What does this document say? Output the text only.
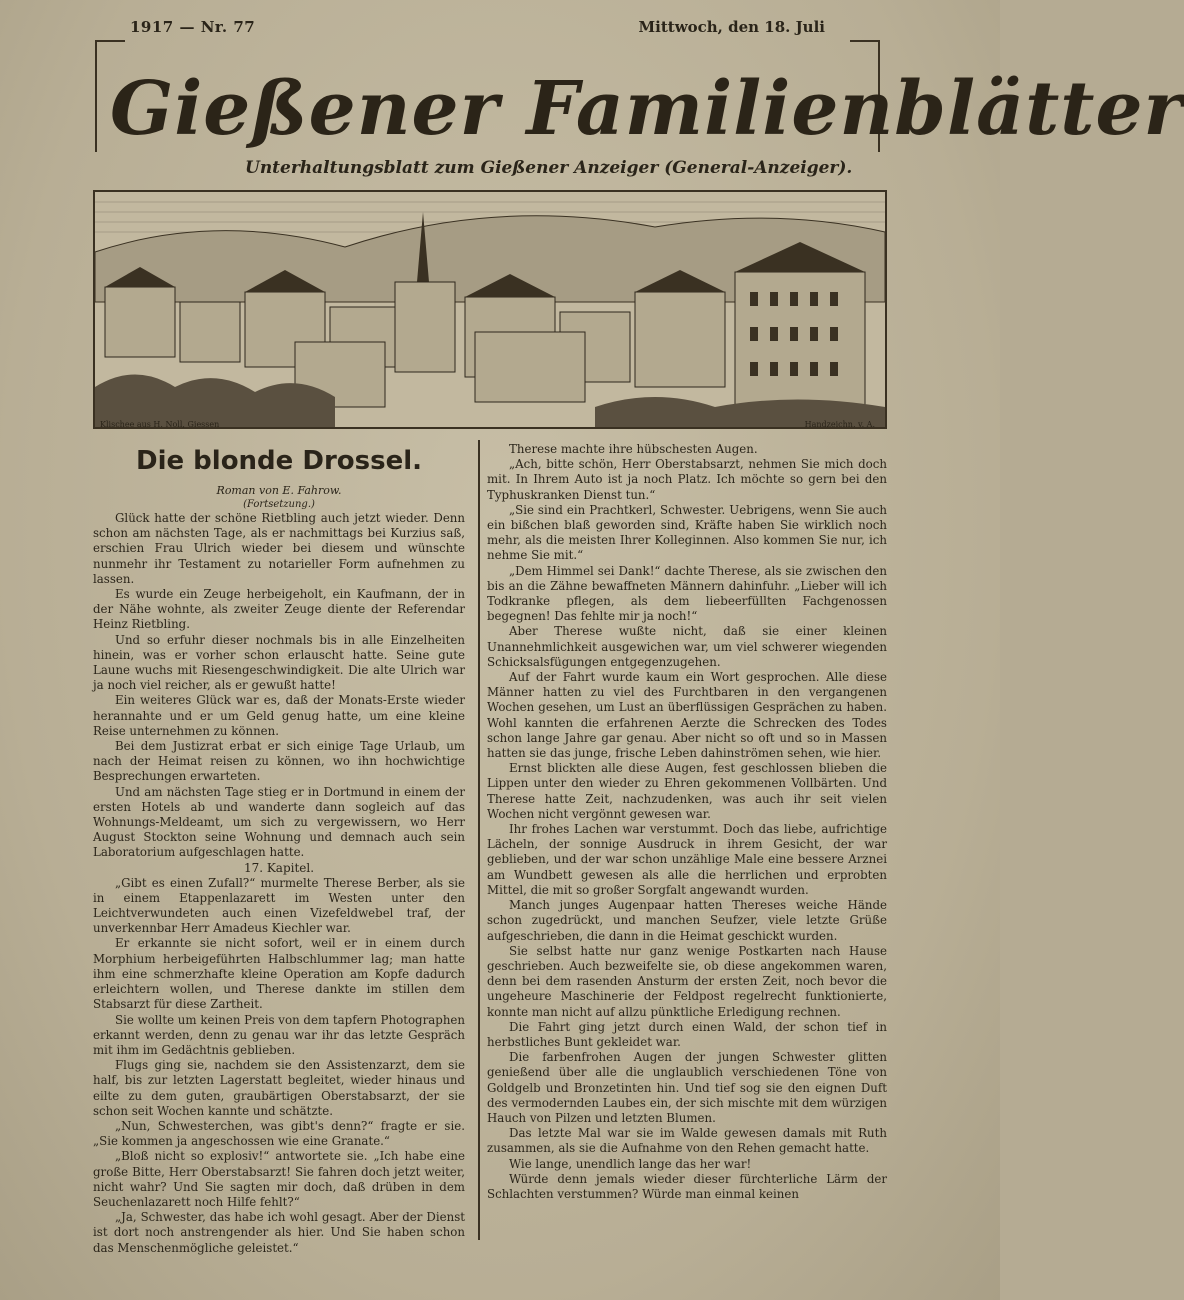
1917 — Nr. 77	Mittwoch, den 18. Juli
Gießener Familienblätter
Unterhaltungsblatt zum Gießener Anzeiger (General-Anzeiger).
Klischee aus H. Noll, Giessen	Handzeichn. v. A.
Die blonde Drossel.
Roman von E. Fahrow.
(Fortsetzung.)

Glück hatte der schöne Rietbling auch jetzt wieder. Denn schon am nächsten Tage, als er nachmittags bei Kurzius saß, erschien Frau Ulrich wieder bei diesem und wünschte nunmehr ihr Testament zu notarieller Form aufnehmen zu lassen.

Es wurde ein Zeuge herbeigeholt, ein Kaufmann, der in der Nähe wohnte, als zweiter Zeuge diente der Referendar Heinz Rietbling.

Und so erfuhr dieser nochmals bis in alle Einzelheiten hinein, was er vorher schon erlauscht hatte. Seine gute Laune wuchs mit Riesengeschwindigkeit. Die alte Ulrich war ja noch viel reicher, als er gewußt hatte!

Ein weiteres Glück war es, daß der Monats-Erste wieder herannahte und er um Geld genug hatte, um eine kleine Reise unternehmen zu können.

Bei dem Justizrat erbat er sich einige Tage Urlaub, um nach der Heimat reisen zu können, wo ihn hochwichtige Besprechungen erwarteten.

Und am nächsten Tage stieg er in Dortmund in einem der ersten Hotels ab und wanderte dann sogleich auf das Wohnungs-Meldeamt, um sich zu vergewissern, wo Herr August Stockton seine Wohnung und demnach auch sein Laboratorium aufgeschlagen hatte.

17. Kapitel.

„Gibt es einen Zufall?“ murmelte Therese Berber, als sie in einem Etappenlazarett im Westen unter den Leichtverwundeten auch einen Vizefeldwebel traf, der unverkennbar Herr Amadeus Kiechler war.

Er erkannte sie nicht sofort, weil er in einem durch Morphium herbeigeführten Halbschlummer lag; man hatte ihm eine schmerzhafte kleine Operation am Kopfe dadurch erleichtern wollen, und Therese dankte im stillen dem Stabsarzt für diese Zartheit.

Sie wollte um keinen Preis von dem tapfern Photographen erkannt werden, denn zu genau war ihr das letzte Gespräch mit ihm im Gedächtnis geblieben.

Flugs ging sie, nachdem sie den Assistenzarzt, dem sie half, bis zur letzten Lagerstatt begleitet, wieder hinaus und eilte zu dem guten, graubärtigen Oberstabsarzt, der sie schon seit Wochen kannte und schätzte.

„Nun, Schwesterchen, was gibt's denn?“ fragte er sie. „Sie kommen ja angeschossen wie eine Granate.“

„Bloß nicht so explosiv!“ antwortete sie. „Ich habe eine große Bitte, Herr Oberstabsarzt! Sie fahren doch jetzt weiter, nicht wahr? Und Sie sagten mir doch, daß drüben in dem Seuchenlazarett noch Hilfe fehlt?“

„Ja, Schwester, das habe ich wohl gesagt. Aber der Dienst ist dort noch anstrengender als hier. Und Sie haben schon das Menschenmögliche geleistet.“

Therese machte ihre hübschesten Augen.

„Ach, bitte schön, Herr Oberstabsarzt, nehmen Sie mich doch mit. In Ihrem Auto ist ja noch Platz. Ich möchte so gern bei den Typhuskranken Dienst tun.“

„Sie sind ein Prachtkerl, Schwester. Uebrigens, wenn Sie auch ein bißchen blaß geworden sind, Kräfte haben Sie wirklich noch mehr, als die meisten Ihrer Kolleginnen. Also kommen Sie nur, ich nehme Sie mit.“

„Dem Himmel sei Dank!“ dachte Therese, als sie zwischen den bis an die Zähne bewaffneten Männern dahinfuhr. „Lieber will ich Todkranke pflegen, als dem liebeerfüllten Fachgenossen begegnen! Das fehlte mir ja noch!“

Aber Therese wußte nicht, daß sie einer kleinen Unannehmlichkeit ausgewichen war, um viel schwerer wiegenden Schicksalsfügungen entgegenzugehen.

Auf der Fahrt wurde kaum ein Wort gesprochen. Alle diese Männer hatten zu viel des Furchtbaren in den vergangenen Wochen gesehen, um Lust an überflüssigen Gesprächen zu haben. Wohl kannten die erfahrenen Aerzte die Schrecken des Todes schon lange Jahre gar genau. Aber nicht so oft und so in Massen hatten sie das junge, frische Leben dahinströmen sehen, wie hier.

Ernst blickten alle diese Augen, fest geschlossen blieben die Lippen unter den wieder zu Ehren gekommenen Vollbärten. Und Therese hatte Zeit, nachzudenken, was auch ihr seit vielen Wochen nicht vergönnt gewesen war.

Ihr frohes Lachen war verstummt. Doch das liebe, aufrichtige Lächeln, der sonnige Ausdruck in ihrem Gesicht, der war geblieben, und der war schon unzählige Male eine bessere Arznei am Wundbett gewesen als alle die herrlichen und erprobten Mittel, die mit so großer Sorgfalt angewandt wurden.

Manch junges Augenpaar hatten Thereses weiche Hände schon zugedrückt, und manchen Seufzer, viele letzte Grüße aufgeschrieben, die dann in die Heimat geschickt wurden.

Sie selbst hatte nur ganz wenige Postkarten nach Hause geschrieben. Auch bezweifelte sie, ob diese angekommen waren, denn bei dem rasenden Ansturm der ersten Zeit, noch bevor die ungeheure Maschinerie der Feldpost regelrecht funktionierte, konnte man nicht auf allzu pünktliche Erledigung rechnen.

Die Fahrt ging jetzt durch einen Wald, der schon tief in herbstliches Bunt gekleidet war.

Die farbenfrohen Augen der jungen Schwester glitten genießend über alle die unglaublich verschiedenen Töne von Goldgelb und Bronzetinten hin. Und tief sog sie den eignen Duft des vermodernden Laubes ein, der sich mischte mit dem würzigen Hauch von Pilzen und letzten Blumen.

Das letzte Mal war sie im Walde gewesen damals mit Ruth zusammen, als sie die Aufnahme von den Rehen gemacht hatte.

Wie lange, unendlich lange das her war!

Würde denn jemals wieder dieser fürchterliche Lärm der Schlachten verstummen? Würde man einmal keinen
